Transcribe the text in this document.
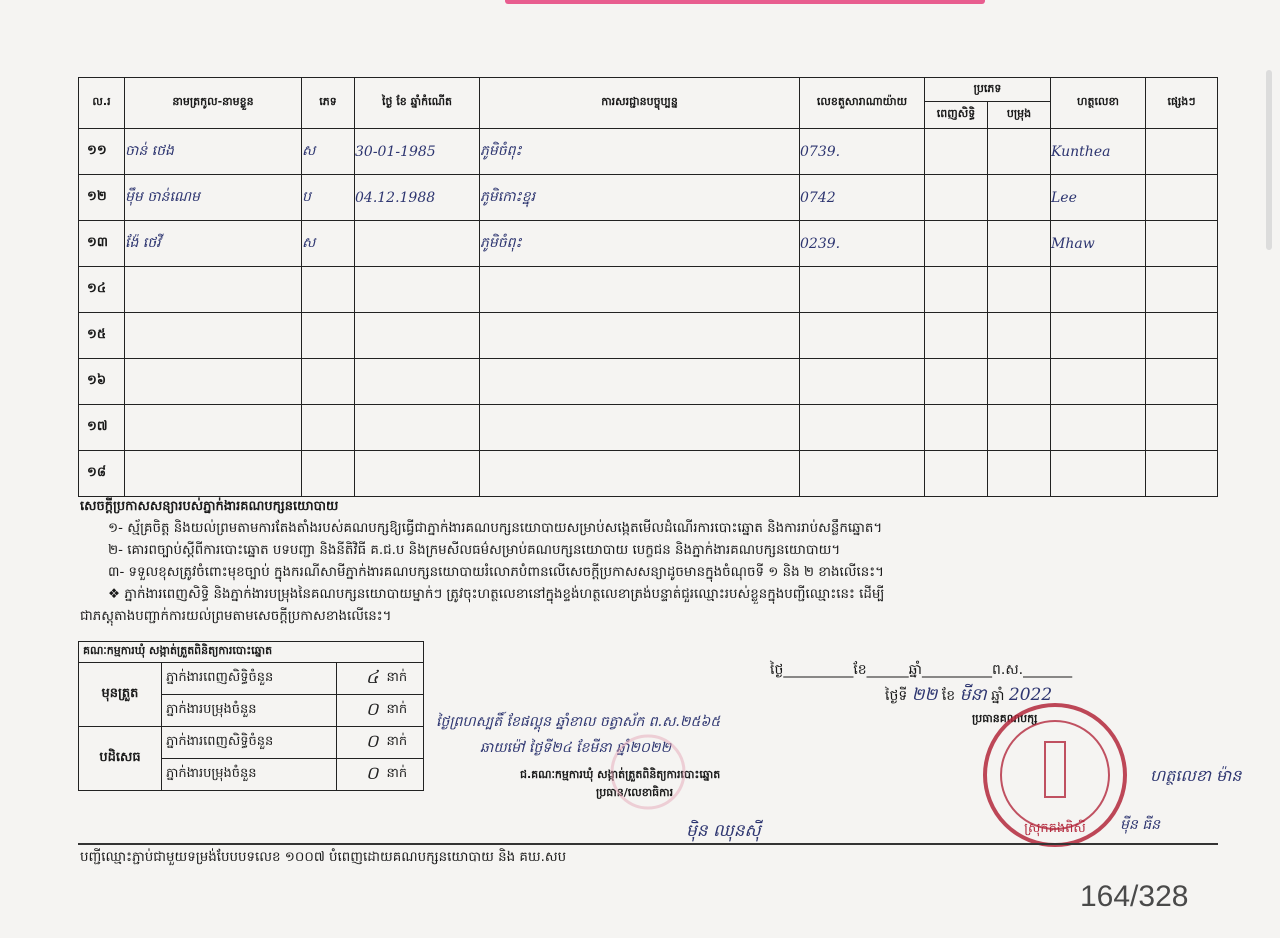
ល.រ	នាមត្រកូល-នាមខ្លួន	ភេទ	ថ្ងៃ ខែ ឆ្នាំកំណើត	ការសរជ្ជានបច្ចុប្បន្ន	លេខតួសារាណាយ៉ាយ	ប្រភេទ		ហត្ថលេខា	ផ្សេងៗ
						ពេញសិទ្ធិ	បម្រុង		
១១	ចាន់ ថេង	ស	30-01-1985	ភូមិចំពុះ	0739.			Kunthea	
១២	ម៉ឹម ចាន់ណេម	ប	04.12.1988	ភូមិកោះខ្នុរ	0742			Lee	
១៣	ង៉ែ ថេវី	ស		ភូមិចំពុះ	0239.			Mhaw	
១៤									
១៥									
១៦									
១៧									
១៨									
សេចក្តីប្រកាសសន្យារបស់ភ្នាក់ងារគណបក្សនយោបាយ
១- ស្ម័គ្រចិត្ត និងយល់ព្រមតាមការតែងតាំងរបស់គណបក្សឱ្យធ្វើជាភ្នាក់ងារគណបក្សនយោបាយសម្រាប់សង្កេតមើលដំណើរការបោះឆ្នោត និងការរាប់សន្លឹកឆ្នោត។
២- គោរពច្បាប់ស្តីពីការបោះឆ្នោត បទបញ្ជា និងនីតិវិធី គ.ជ.ប និងក្រមសីលធម៌សម្រាប់គណបក្សនយោបាយ បេក្ខជន និងភ្នាក់ងារគណបក្សនយោបាយ។
៣- ទទួលខុសត្រូវចំពោះមុខច្បាប់ ក្នុងករណីសាមីភ្នាក់ងារគណបក្សនយោបាយរំលោភបំពានលើសេចក្តីប្រកាសសន្យាដូចមានក្នុងចំណុចទី ១ និង ២ ខាងលើនេះ។
❖ ភ្នាក់ងារពេញសិទ្ធិ និងភ្នាក់ងារបម្រុងនៃគណបក្សនយោបាយម្នាក់ៗ ត្រូវចុះហត្ថលេខានៅក្នុងខ្ទង់ហត្ថលេខាត្រង់បន្ទាត់ជួរឈ្មោះរបស់ខ្លួនក្នុងបញ្ជីឈ្មោះនេះ ដើម្បី
ជាភស្តុតាងបញ្ជាក់ការយល់ព្រមតាមសេចក្តីប្រកាសខាងលើនេះ។
គណៈកម្មការឃុំ សង្កាត់ត្រួតពិនិត្យការបោះឆ្នោត			
មុនត្រួត	ភ្នាក់ងារពេញសិទ្ធិចំនួន	៤	នាក់
	ភ្នាក់ងារបម្រុងចំនួន	០	នាក់
បដិសេធ	ភ្នាក់ងារពេញសិទ្ធិចំនួន	០	នាក់
	ភ្នាក់ងារបម្រុងចំនួន	០	នាក់
ថ្ងៃ__________ខែ______ឆ្នាំ__________ព.ស._______
ថ្ងៃទី ២២ ខែ មីនា ឆ្នាំ 2022
ថ្ងៃព្រហស្បតិ៍ ខែផល្គុន ឆ្នាំខាល ចត្វាស័ក ព.ស.២៥៦៥
ឆាយម៉ៅ ថ្ងៃទី២៤ ខែមីនា ឆ្នាំ២០២២
ជ.គណៈកម្មការឃុំ សង្កាត់ត្រួតពិនិត្យការបោះឆ្នោត
ប្រធាន/លេខាធិការ
ម៉ិន ឈុនស៊ី
ប្រធានគណបក្ស
ហត្ថលេខា ម៉ាន
ម៉ីន ធីន
ស្រុកគងពិសី
បញ្ជីឈ្មោះភ្ជាប់ជាមួយទម្រង់បែបបទលេខ ១០០៧ បំពេញដោយគណបក្សនយោបាយ និង គឃ.សប
164/328
